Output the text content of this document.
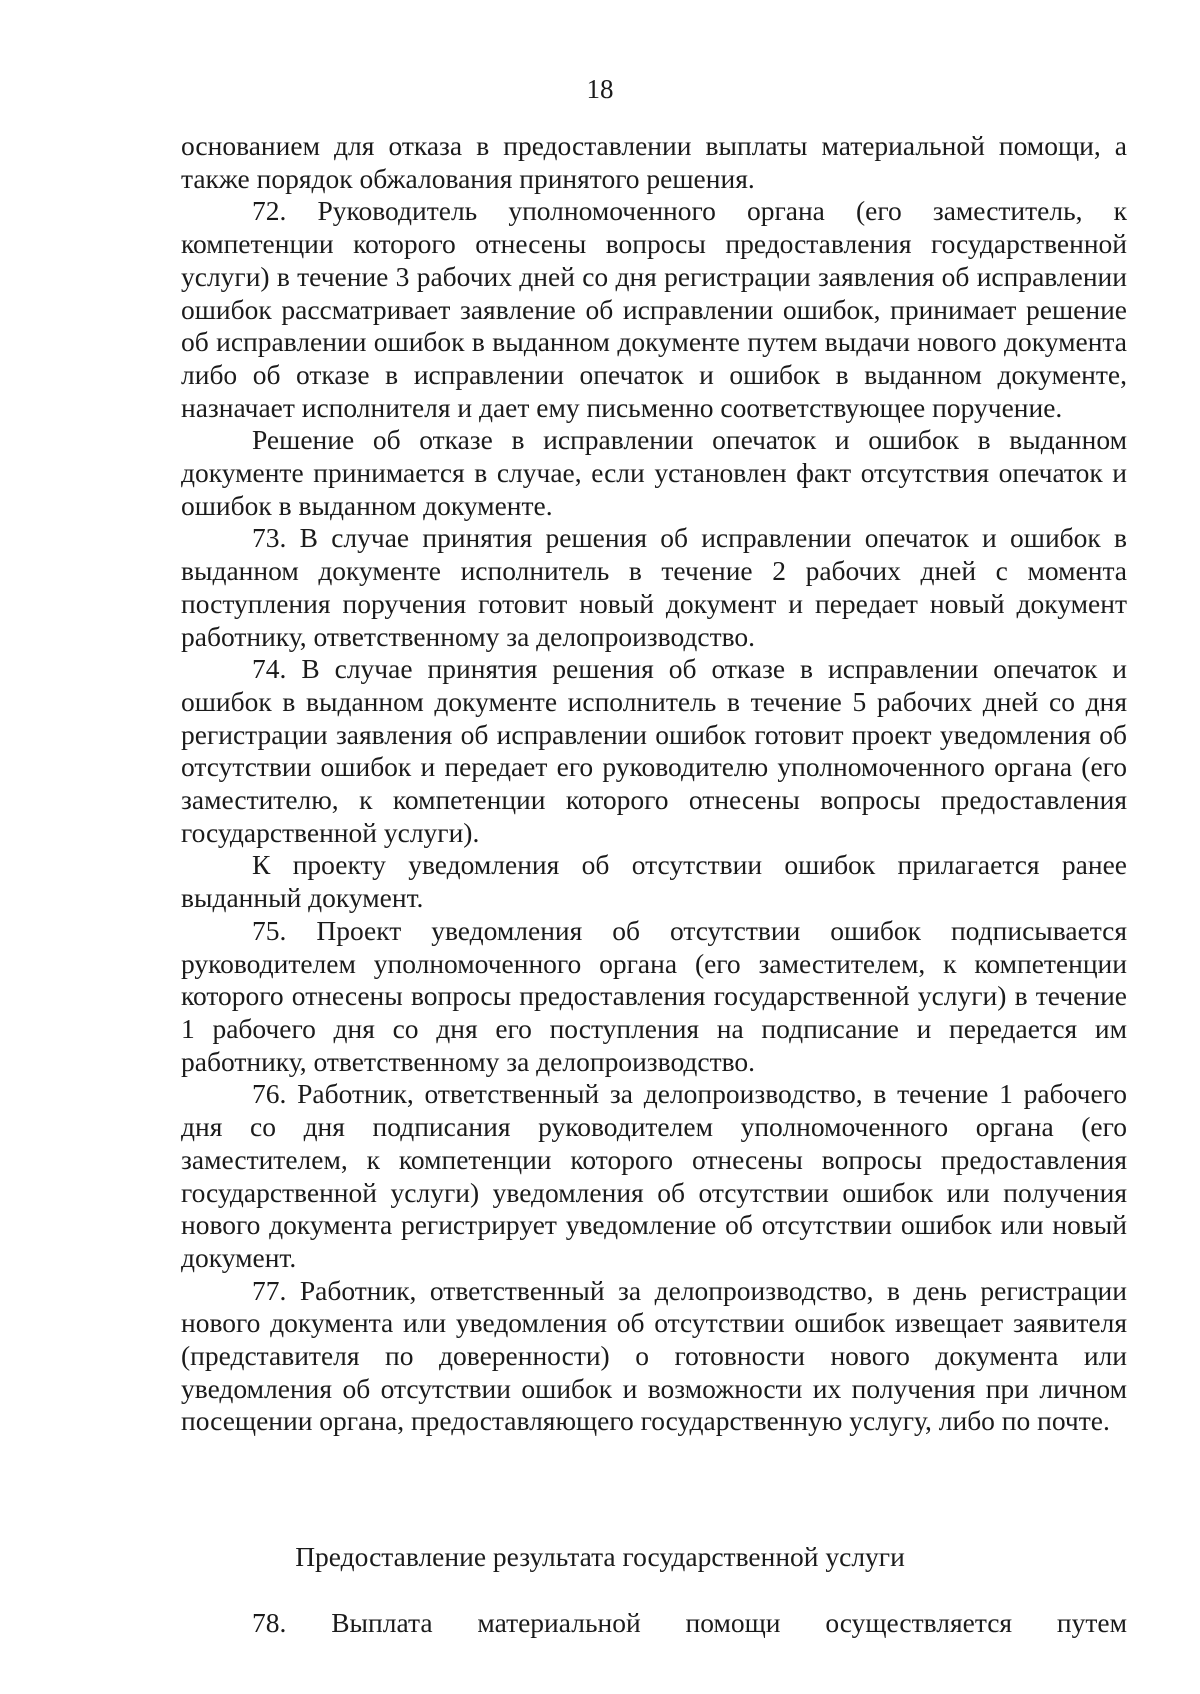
18

основанием для отказа в предоставлении выплаты материальной помощи, а также порядок обжалования принятого решения.

72. Руководитель уполномоченного органа (его заместитель, к компетенции которого отнесены вопросы предоставления государственной услуги) в течение 3 рабочих дней со дня регистрации заявления об исправлении ошибок рассматривает заявление об исправлении ошибок, принимает решение об исправлении ошибок в выданном документе путем выдачи нового документа либо об отказе в исправлении опечаток и ошибок в выданном документе, назначает исполнителя и дает ему письменно соответствующее поручение.

Решение об отказе в исправлении опечаток и ошибок в выданном документе принимается в случае, если установлен факт отсутствия опечаток и ошибок в выданном документе.

73. В случае принятия решения об исправлении опечаток и ошибок в выданном документе исполнитель в течение 2 рабочих дней с момента поступления поручения готовит новый документ и передает новый документ работнику, ответственному за делопроизводство.

74. В случае принятия решения об отказе в исправлении опечаток и ошибок в выданном документе исполнитель в течение 5 рабочих дней со дня регистрации заявления об исправлении ошибок готовит проект уведомления об отсутствии ошибок и передает его руководителю уполномоченного органа (его заместителю, к компетенции которого отнесены вопросы предоставления государственной услуги).

К проекту уведомления об отсутствии ошибок прилагается ранее выданный документ.

75. Проект уведомления об отсутствии ошибок подписывается руководителем уполномоченного органа (его заместителем, к компетенции которого отнесены вопросы предоставления государственной услуги) в течение 1 рабочего дня со дня его поступления на подписание и передается им работнику, ответственному за делопроизводство.

76. Работник, ответственный за делопроизводство, в течение 1 рабочего дня со дня подписания руководителем уполномоченного органа (его заместителем, к компетенции которого отнесены вопросы предоставления государственной услуги) уведомления об отсутствии ошибок или получения нового документа регистрирует уведомление об отсутствии ошибок или новый документ.

77. Работник, ответственный за делопроизводство, в день регистрации нового документа или уведомления об отсутствии ошибок извещает заявителя (представителя по доверенности) о готовности нового документа или уведомления об отсутствии ошибок и возможности их получения при личном посещении органа, предоставляющего государственную услугу, либо по почте.

Предоставление результата государственной услуги
78. Выплата материальной помощи осуществляется путем
